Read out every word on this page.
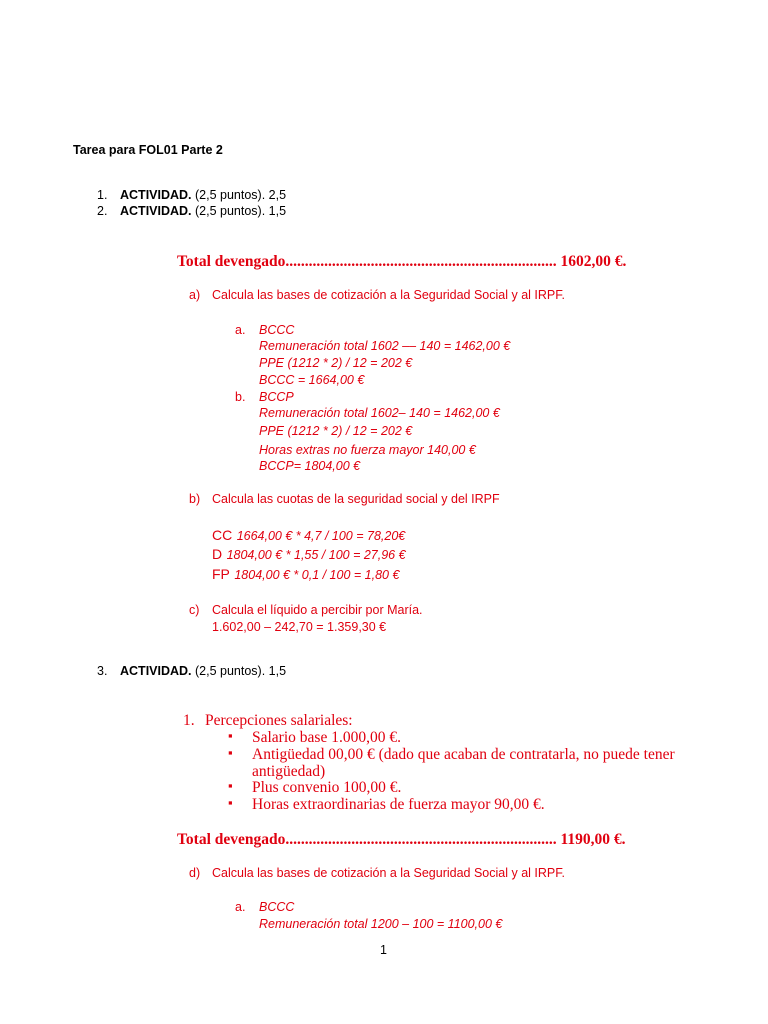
Tarea para FOL01 Parte 2
1. ACTIVIDAD. (2,5 puntos). 2,5
2. ACTIVIDAD. (2,5 puntos). 1,5
Total devengado...................................................................... 1602,00 €.
a) Calcula las bases de cotización a la Seguridad Social y al IRPF.
a. BCCC
Remuneración total 1602 –– 140 = 1462,00 €
PPE (1212 * 2) / 12 = 202 €
BCCC = 1664,00 €
b. BCCP
Remuneración total 1602– 140 = 1462,00 €
PPE (1212 * 2) / 12 = 202 €
Horas extras no fuerza mayor 140,00 €
BCCP= 1804,00 €
b) Calcula las cuotas de la seguridad social y del IRPF
CC 1664,00 € * 4,7 / 100 = 78,20€
D 1804,00 € * 1,55 / 100 = 27,96 €
FP 1804,00 € * 0,1 / 100 = 1,80 €
c) Calcula el líquido a percibir por María.
1.602,00 – 242,70 = 1.359,30 €
3. ACTIVIDAD. (2,5 puntos). 1,5
1. Percepciones salariales:
▪ Salario base 1.000,00 €.
▪ Antigüedad 00,00 € (dado que acaban de contratarla, no puede tener
antigüedad)
▪ Plus convenio 100,00 €.
▪ Horas extraordinarias de fuerza mayor 90,00 €.
Total devengado...................................................................... 1190,00 €.
d) Calcula las bases de cotización a la Seguridad Social y al IRPF.
a. BCCC
Remuneración total 1200 – 100 = 1100,00 €
1
